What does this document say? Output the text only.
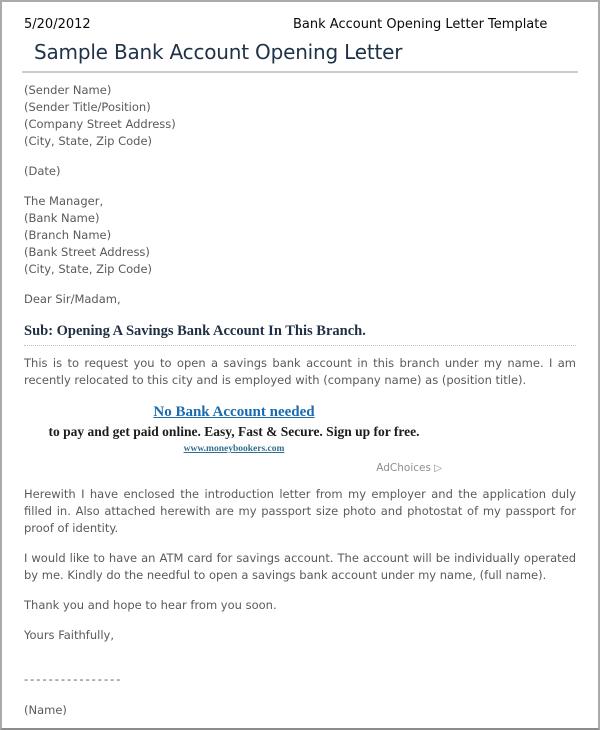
5/20/2012	Bank Account Opening Letter Template
Sample Bank Account Opening Letter
(Sender Name)
(Sender Title/Position)
(Company Street Address)
(City, State, Zip Code)
(Date)
The Manager,
(Bank Name)
(Branch Name)
(Bank Street Address)
(City, State, Zip Code)
Dear Sir/Madam,
Sub: Opening A Savings Bank Account In This Branch.

This is to request you to open a savings bank account in this branch under my name. I am recently relocated to this city and is employed with (company name) as (position title).

No Bank Account needed
to pay and get paid online. Easy, Fast & Secure. Sign up for free.
www.moneybookers.com
AdChoices ▷

Herewith I have enclosed the introduction letter from my employer and the application duly filled in. Also attached herewith are my passport size photo and photostat of my passport for proof of identity.

I would like to have an ATM card for savings account. The account will be individually operated by me. Kindly do the needful to open a savings bank account under my name, (full name).

Thank you and hope to hear from you soon.
Yours Faithfully,
----------------
(Name)
